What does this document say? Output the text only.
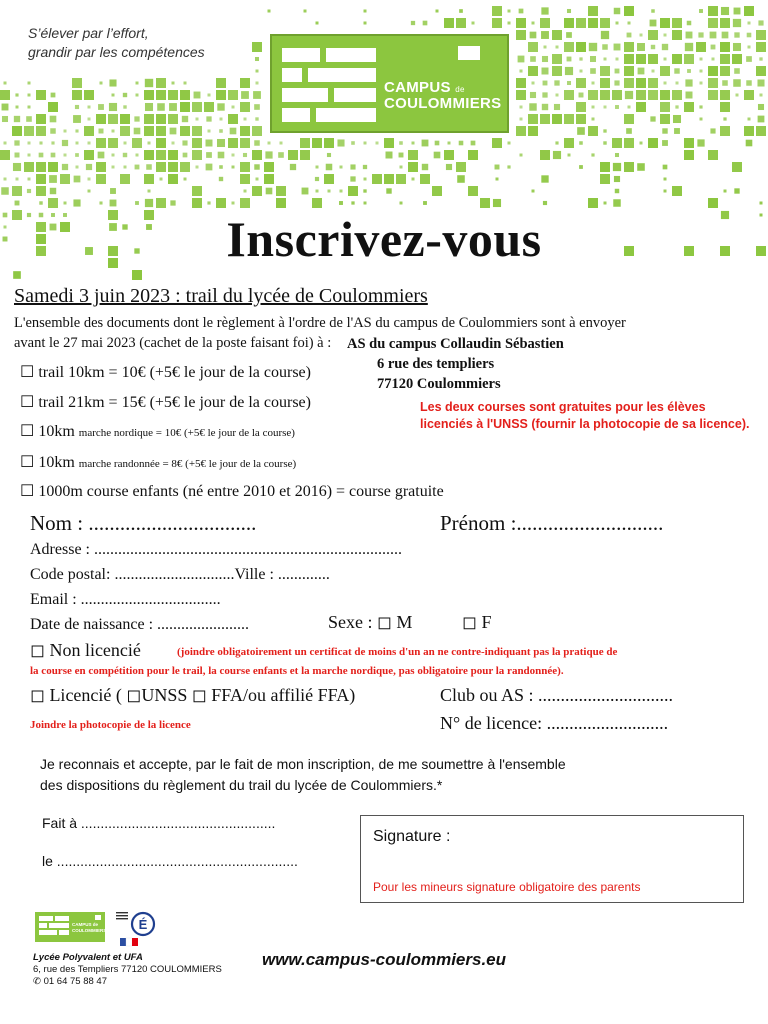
S’élever par l’effort,
grandir par les compétences
CAMPUS de
COULOMMIERS
Inscrivez-vous
Samedi 3 juin 2023 : trail du lycée de Coulommiers
L'ensemble des documents dont le règlement à l'ordre de l'AS du campus de Coulommiers sont à envoyer
avant le 27 mai 2023 (cachet de la poste faisant foi) à :	AS du campus Collaudin Sébastien
6 rue des templiers
77120 Coulommiers
☐ trail 10km = 10€ (+5€ le jour de la course)
☐ trail 21km = 15€ (+5€ le jour de la course)
☐ 10km marche nordique = 10€ (+5€ le jour de la course)
☐ 10km marche randonnée = 8€ (+5€ le jour de la course)
☐ 1000m course enfants (né entre 2010 et 2016) = course gratuite
Les deux courses sont gratuites pour les élèves licenciés à l'UNSS (fournir la photocopie de sa licence).
Nom : ................................	Prénom :............................
Adresse : .............................................................................
Code postal: ..............................Ville : .............
Email : ...................................
Date de naissance : .......................	Sexe : ◻ M	◻ F
◻ Non licencié	(joindre obligatoirement un certificat de moins d'un an ne contre-indiquant pas la pratique de
la course en compétition pour le trail, la course enfants et la marche nordique, pas obligatoire pour la randonnée).
◻ Licencié ( ◻UNSS ◻ FFA/ou affilié FFA)	Club ou AS : ..............................
Joindre la photocopie de la licence	N° de licence: ...........................
Je reconnais et accepte, par le fait de mon inscription, de me soumettre à l'ensemble
des dispositions du règlement du trail du lycée de Coulommiers.*
Fait à ..................................................
le ..............................................................
Signature :
Pour les mineurs signature obligatoire des parents
CAMPUS de COULOMMIERS É
Lycée Polyvalent et UFA
6, rue des Templiers 77120 COULOMMIERS
✆ 01 64 75 88 47
www.campus-coulommiers.eu
